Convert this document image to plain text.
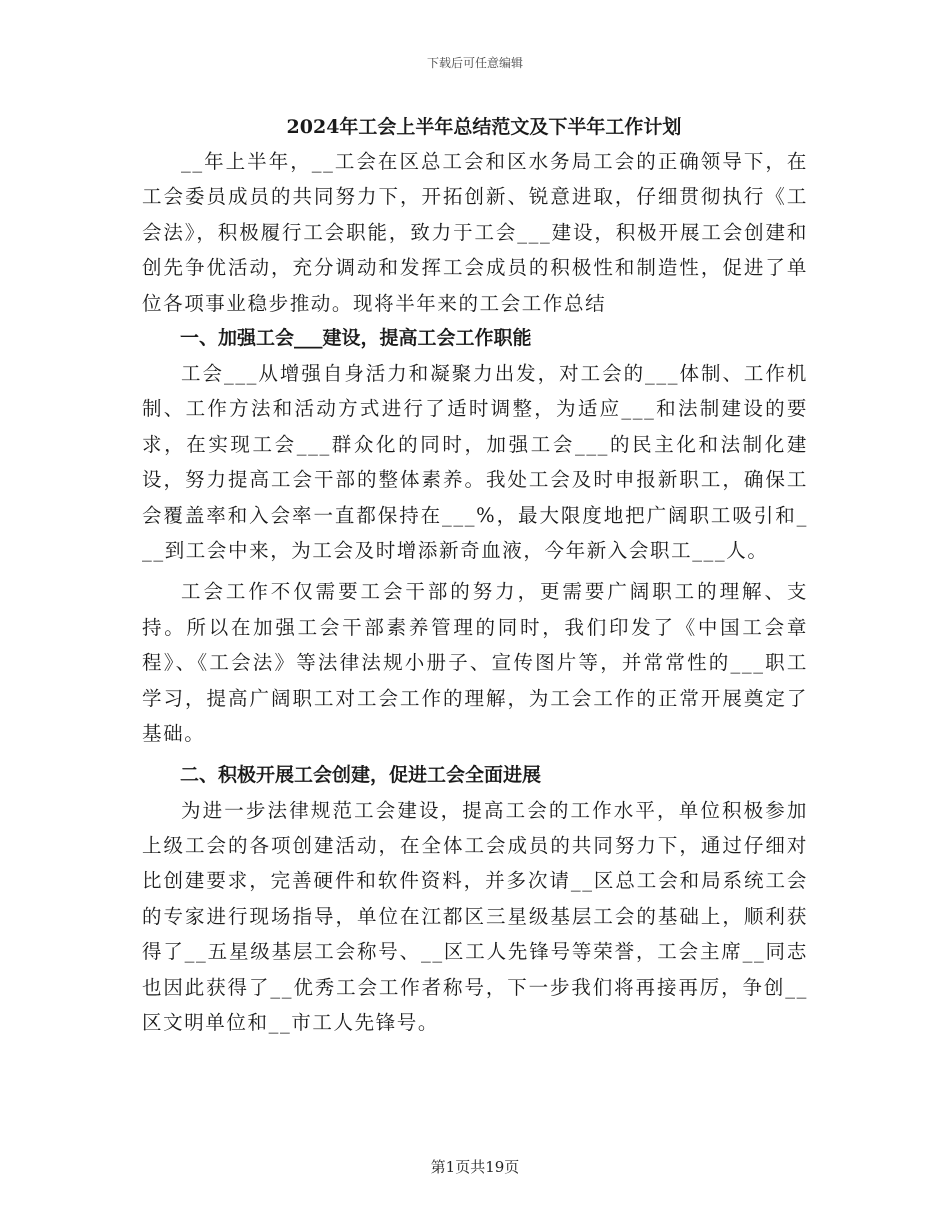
下载后可任意编辑
2024年工会上半年总结范文及下半年工作计划

__年上半年，__工会在区总工会和区水务局工会的正确领导下，在工会委员成员的共同努力下，开拓创新、锐意进取，仔细贯彻执行《工会法》，积极履行工会职能，致力于工会___建设，积极开展工会创建和创先争优活动，充分调动和发挥工会成员的积极性和制造性，促进了单位各项事业稳步推动。现将半年来的工会工作总结

一、加强工会___建设，提高工会工作职能

工会___从增强自身活力和凝聚力出发，对工会的___体制、工作机制、工作方法和活动方式进行了适时调整，为适应___和法制建设的要求，在实现工会___群众化的同时，加强工会___的民主化和法制化建设，努力提高工会干部的整体素养。我处工会及时申报新职工，确保工会覆盖率和入会率一直都保持在___%，最大限度地把广阔职工吸引和___到工会中来，为工会及时增添新奇血液，今年新入会职工___人。

工会工作不仅需要工会干部的努力，更需要广阔职工的理解、支持。所以在加强工会干部素养管理的同时，我们印发了《中国工会章程》、《工会法》等法律法规小册子、宣传图片等，并常常性的___职工学习，提高广阔职工对工会工作的理解，为工会工作的正常开展奠定了基础。

二、积极开展工会创建，促进工会全面进展

为进一步法律规范工会建设，提高工会的工作水平，单位积极参加上级工会的各项创建活动，在全体工会成员的共同努力下，通过仔细对比创建要求，完善硬件和软件资料，并多次请__区总工会和局系统工会的专家进行现场指导，单位在江都区三星级基层工会的基础上，顺利获得了__五星级基层工会称号、__区工人先锋号等荣誉，工会主席__同志也因此获得了__优秀工会工作者称号，下一步我们将再接再厉，争创__区文明单位和__市工人先锋号。

第1页共19页
